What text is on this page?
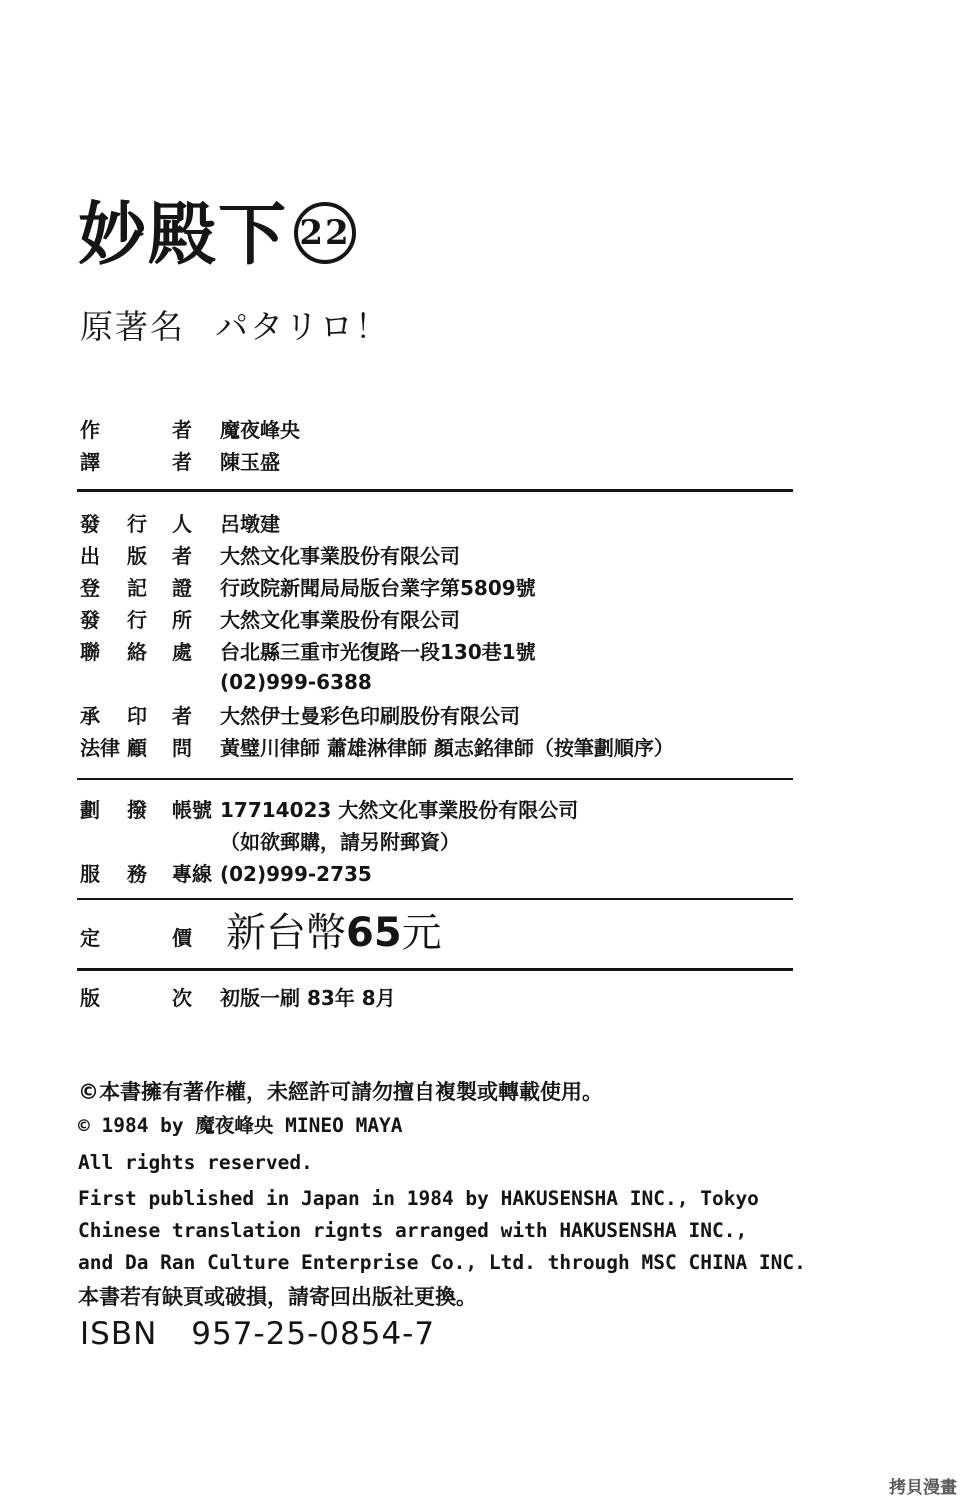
妙殿下 22
原著名 パタリロ！
作	者 魔夜峰央
譯	者 陳玉盛
發 行 人 呂墩建
出 版 者 大然文化事業股份有限公司
登 記 證 行政院新聞局局版台業字第5809號
發 行 所 大然文化事業股份有限公司
聯 絡 處 台北縣三重市光復路一段130巷1號
(02)999-6388
承 印 者 大然伊士曼彩色印刷股份有限公司
法律 顧 問 黃璧川律師 蕭雄淋律師 顏志銘律師（按筆劃順序）
劃 撥 帳號 17714023 大然文化事業股份有限公司
（如欲郵購，請另附郵資）
服 務 專線 (02)999-2735
定	價 新台幣65元
版	次 初版一刷 83年 8月
©本書擁有著作權，未經許可請勿擅自複製或轉載使用。
© 1984 by 魔夜峰央 MINEO MAYA
All rights reserved.
First published in Japan in 1984 by HAKUSENSHA INC., Tokyo
Chinese translation rignts arranged with HAKUSENSHA INC.,
and Da Ran Culture Enterprise Co., Ltd. through MSC CHINA INC.
本書若有缺頁或破損，請寄回出版社更換。
ISBN 957-25-0854-7
拷貝漫畫
